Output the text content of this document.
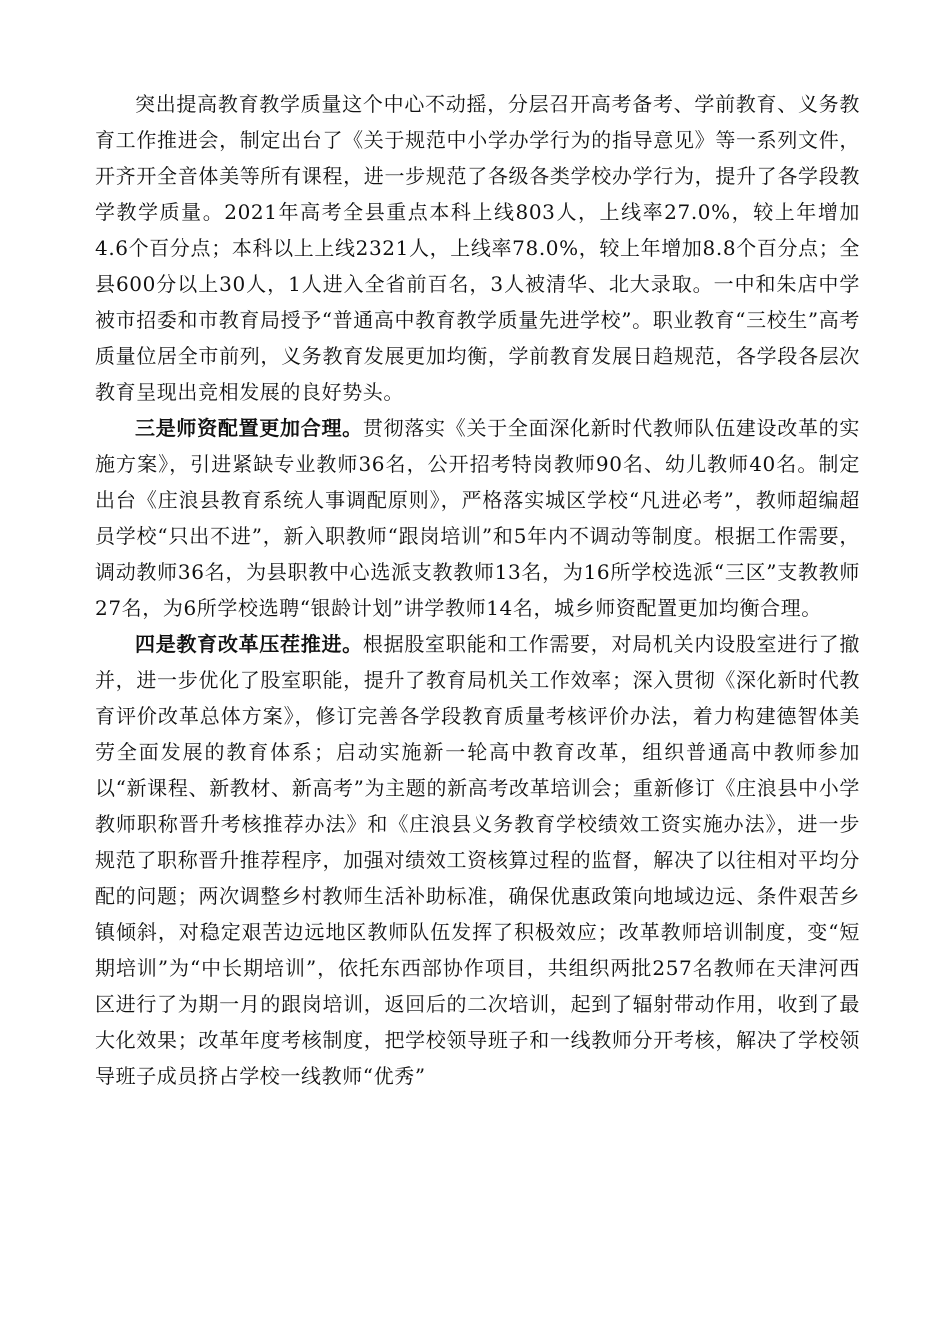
突出提高教育教学质量这个中心不动摇，分层召开高考备考、学前教育、义务教育工作推进会，制定出台了《关于规范中小学办学行为的指导意见》等一系列文件，开齐开全音体美等所有课程，进一步规范了各级各类学校办学行为，提升了各学段教学教学质量。2021年高考全县重点本科上线803人，上线率27.0%，较上年增加4.6个百分点；本科以上上线2321人，上线率78.0%，较上年增加8.8个百分点；全县600分以上30人，1人进入全省前百名，3人被清华、北大录取。一中和朱店中学被市招委和市教育局授予“普通高中教育教学质量先进学校”。职业教育“三校生”高考质量位居全市前列，义务教育发展更加均衡，学前教育发展日趋规范，各学段各层次教育呈现出竞相发展的良好势头。

三是师资配置更加合理。贯彻落实《关于全面深化新时代教师队伍建设改革的实施方案》，引进紧缺专业教师36名，公开招考特岗教师90名、幼儿教师40名。制定出台《庄浪县教育系统人事调配原则》，严格落实城区学校“凡进必考”，教师超编超员学校“只出不进”，新入职教师“跟岗培训”和5年内不调动等制度。根据工作需要，调动教师36名，为县职教中心选派支教教师13名，为16所学校选派“三区”支教教师27名，为6所学校选聘“银龄计划”讲学教师14名，城乡师资配置更加均衡合理。

四是教育改革压茬推进。根据股室职能和工作需要，对局机关内设股室进行了撤并，进一步优化了股室职能，提升了教育局机关工作效率；深入贯彻《深化新时代教育评价改革总体方案》，修订完善各学段教育质量考核评价办法，着力构建德智体美劳全面发展的教育体系；启动实施新一轮高中教育改革，组织普通高中教师参加以“新课程、新教材、新高考”为主题的新高考改革培训会；重新修订《庄浪县中小学教师职称晋升考核推荐办法》和《庄浪县义务教育学校绩效工资实施办法》，进一步规范了职称晋升推荐程序，加强对绩效工资核算过程的监督，解决了以往相对平均分配的问题；两次调整乡村教师生活补助标准，确保优惠政策向地域边远、条件艰苦乡镇倾斜，对稳定艰苦边远地区教师队伍发挥了积极效应；改革教师培训制度，变“短期培训”为“中长期培训”，依托东西部协作项目，共组织两批257名教师在天津河西区进行了为期一月的跟岗培训，返回后的二次培训，起到了辐射带动作用，收到了最大化效果；改革年度考核制度，把学校领导班子和一线教师分开考核，解决了学校领导班子成员挤占学校一线教师“优秀”
